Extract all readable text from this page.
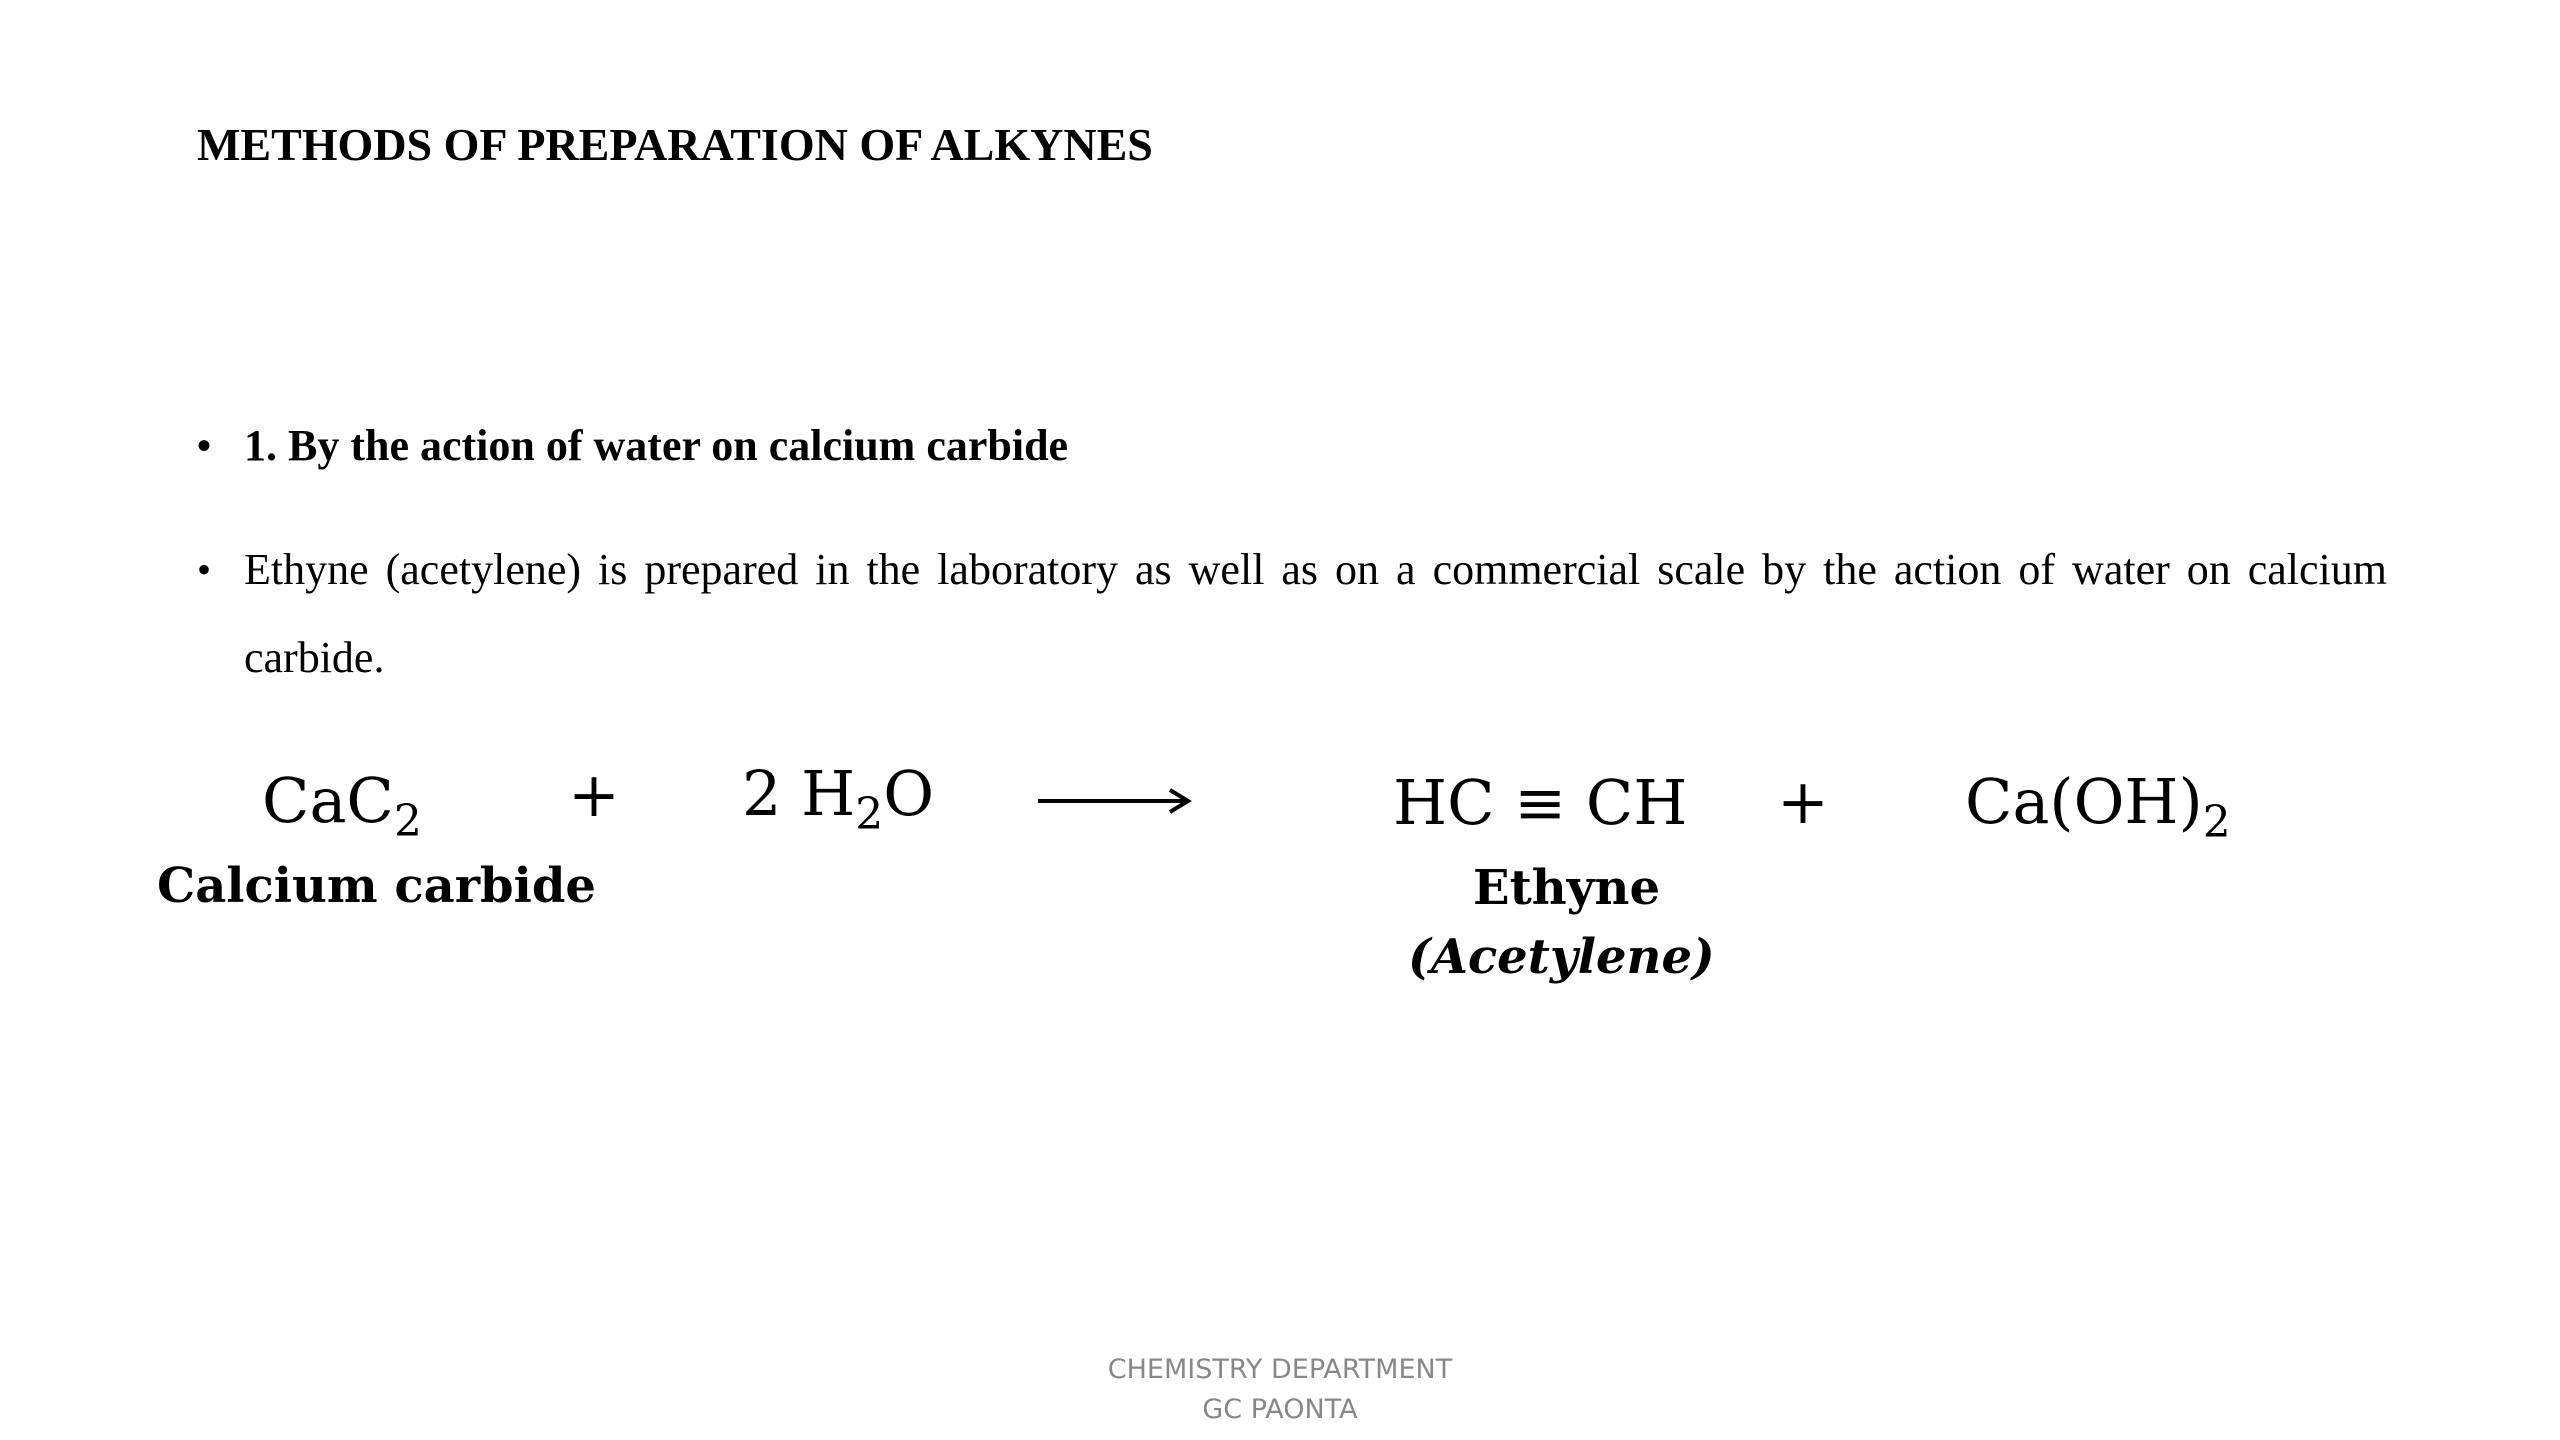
METHODS OF PREPARATION OF ALKYNES
• 1. By the action of water on calcium carbide
• Ethyne (acetylene) is prepared in the laboratory as well as on a commercial scale by the action of water on calcium carbide.
CaC$_2$
Calcium carbide
+ 2 $H_2O$	HC ≡ CH
Ethyne
(Acetylene)
+ $Ca(OH)_2$
CHEMISTRY DEPARTMENT
GC PAONTA
